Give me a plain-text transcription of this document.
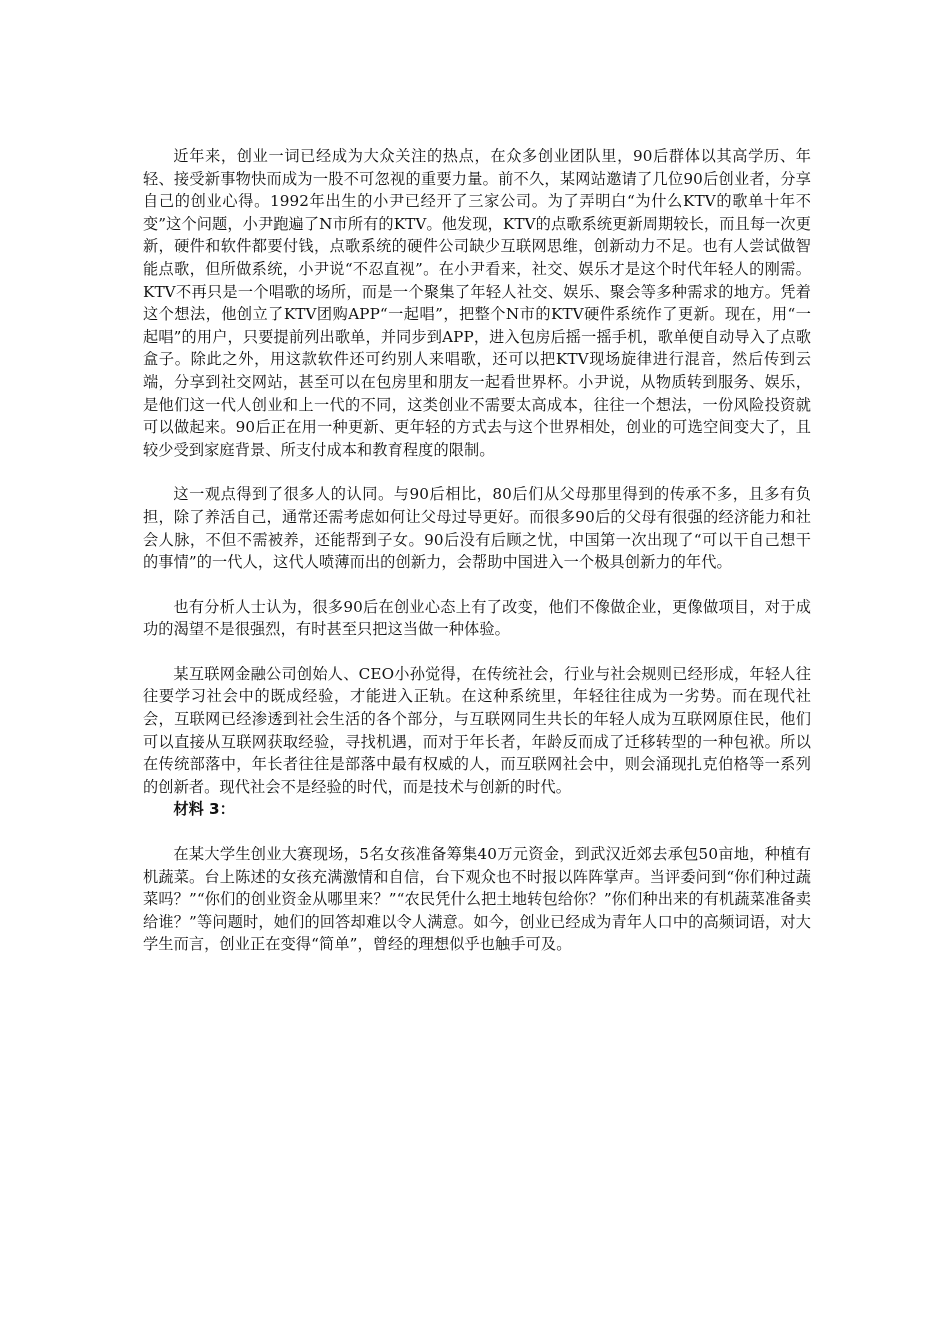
近年来，创业一词已经成为大众关注的热点，在众多创业团队里，90后群体以其高学历、年轻、接受新事物快而成为一股不可忽视的重要力量。前不久，某网站邀请了几位90后创业者，分享自己的创业心得。1992年出生的小尹已经开了三家公司。为了弄明白“为什么KTV的歌单十年不变”这个问题，小尹跑遍了N市所有的KTV。他发现，KTV的点歌系统更新周期较长，而且每一次更新，硬件和软件都要付钱，点歌系统的硬件公司缺少互联网思维，创新动力不足。也有人尝试做智能点歌，但所做系统，小尹说“不忍直视”。在小尹看来，社交、娱乐才是这个时代年轻人的刚需。KTV不再只是一个唱歌的场所，而是一个聚集了年轻人社交、娱乐、聚会等多种需求的地方。凭着这个想法，他创立了KTV团购APP“一起唱”，把整个N市的KTV硬件系统作了更新。现在，用“一起唱”的用户，只要提前列出歌单，并同步到APP，进入包房后摇一摇手机，歌单便自动导入了点歌盒子。除此之外，用这款软件还可约别人来唱歌，还可以把KTV现场旋律进行混音，然后传到云端，分享到社交网站，甚至可以在包房里和朋友一起看世界杯。小尹说，从物质转到服务、娱乐，是他们这一代人创业和上一代的不同，这类创业不需要太高成本，往往一个想法，一份风险投资就可以做起来。90后正在用一种更新、更年轻的方式去与这个世界相处，创业的可选空间变大了，且较少受到家庭背景、所支付成本和教育程度的限制。

这一观点得到了很多人的认同。与90后相比，80后们从父母那里得到的传承不多，且多有负担，除了养活自己，通常还需考虑如何让父母过导更好。而很多90后的父母有很强的经济能力和社会人脉，不但不需被养，还能帮到子女。90后没有后顾之忧，中国第一次出现了“可以干自己想干的事情”的一代人，这代人喷薄而出的创新力，会帮助中国进入一个极具创新力的年代。

也有分析人士认为，很多90后在创业心态上有了改变，他们不像做企业，更像做项目，对于成功的渴望不是很强烈，有时甚至只把这当做一种体验。

某互联网金融公司创始人、CEO小孙觉得，在传统社会，行业与社会规则已经形成，年轻人往往要学习社会中的既成经验，才能进入正轨。在这种系统里，年轻往往成为一劣势。而在现代社会，互联网已经渗透到社会生活的各个部分，与互联网同生共长的年轻人成为互联网原住民，他们可以直接从互联网获取经验，寻找机遇，而对于年长者，年龄反而成了迁移转型的一种包袱。所以在传统部落中，年长者往往是部落中最有权威的人，而互联网社会中，则会涌现扎克伯格等一系列的创新者。现代社会不是经验的时代，而是技术与创新的时代。

材料 3：

在某大学生创业大赛现场，5名女孩准备筹集40万元资金，到武汉近郊去承包50亩地，种植有机蔬菜。台上陈述的女孩充满激情和自信，台下观众也不时报以阵阵掌声。当评委问到“你们种过蔬菜吗？”“你们的创业资金从哪里来？”“农民凭什么把土地转包给你？”你们种出来的有机蔬菜准备卖给谁？”等问题时，她们的回答却难以令人满意。如今，创业已经成为青年人口中的高频词语，对大学生而言，创业正在变得“简单”，曾经的理想似乎也触手可及。
